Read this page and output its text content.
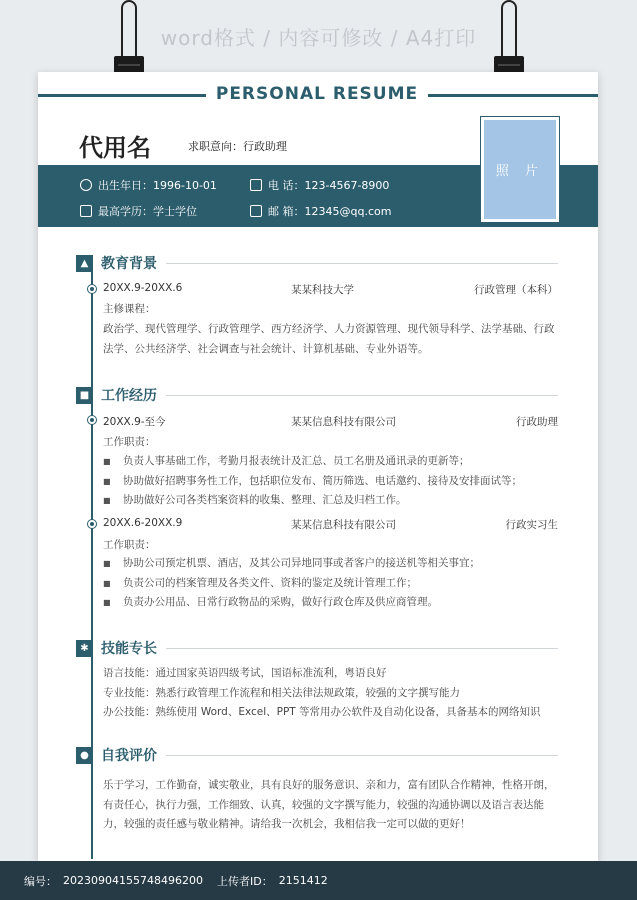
word格式 / 内容可修改 / A4打印
PERSONAL RESUME
代用名	求职意向：行政助理
出生年日：1996-10-01	电 话：123-4567-8900
最高学历：学士学位	邮 箱：12345@qq.com
照 片
▲ 教育背景
20XX.9-20XX.6	某某科技大学	行政管理（本科）
主修课程：
政治学、现代管理学、行政管理学、西方经济学、人力资源管理、现代领导科学、法学基础、行政法学、公共经济学、社会调查与社会统计、计算机基础、专业外语等。
■ 工作经历
20XX.9-至今	某某信息科技有限公司	行政助理
工作职责：
■ 负责人事基础工作，考勤月报表统计及汇总、员工名册及通讯录的更新等；
■ 协助做好招聘事务性工作，包括职位发布、简历筛选、电话邀约、接待及安排面试等；
■ 协助做好公司各类档案资料的收集、整理、汇总及归档工作。
20XX.6-20XX.9	某某信息科技有限公司	行政实习生
工作职责：
■ 协助公司预定机票、酒店，及其公司异地同事或者客户的接送机等相关事宜；
■ 负责公司的档案管理及各类文件、资料的鉴定及统计管理工作；
■ 负责办公用品、日常行政物品的采购，做好行政仓库及供应商管理。
✱ 技能专长
语言技能：通过国家英语四级考试，国语标准流利，粤语良好
专业技能：熟悉行政管理工作流程和相关法律法规政策，较强的文字撰写能力
办公技能：熟练使用 Word、Excel、PPT 等常用办公软件及自动化设备，具备基本的网络知识
● 自我评价
乐于学习，工作勤奋，诚实敬业，具有良好的服务意识、亲和力，富有团队合作精神，性格开朗，有责任心，执行力强，工作细致、认真，较强的文字撰写能力，较强的沟通协调以及语言表达能力，较强的责任感与敬业精神。请给我一次机会，我相信我一定可以做的更好！
编号： 20230904155748496200 上传者ID： 2151412
